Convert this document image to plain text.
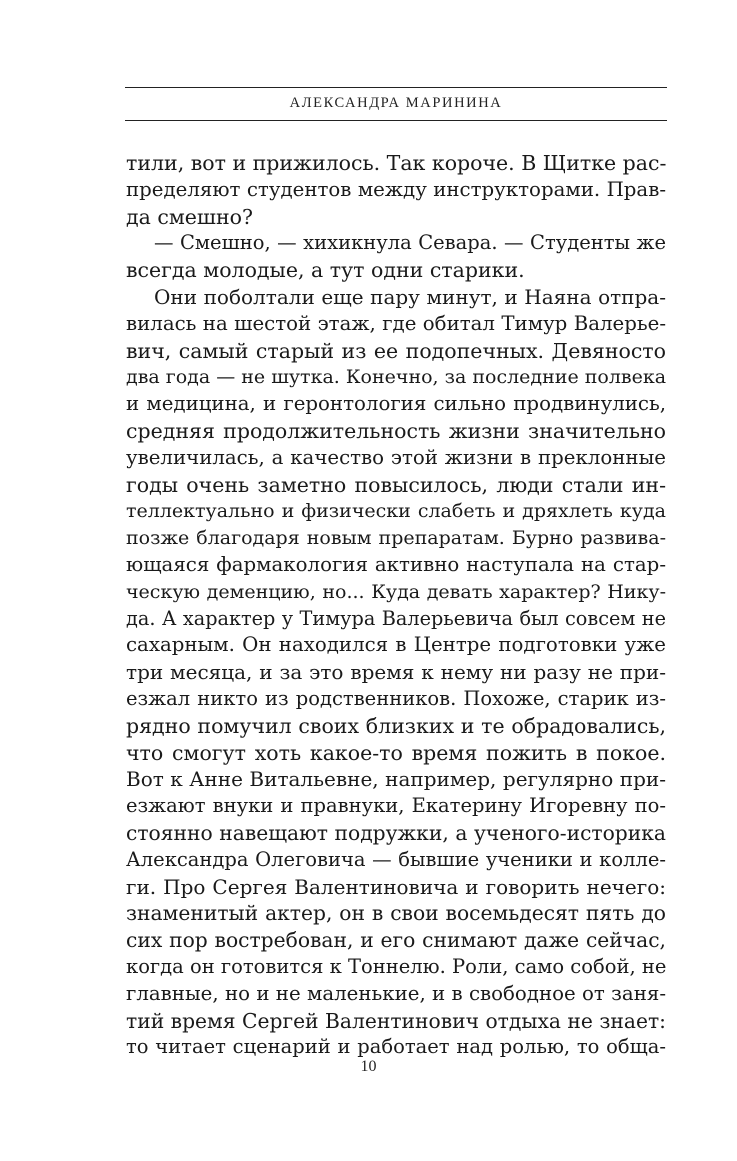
АЛЕКСАНДРА МАРИНИНА
тили, вот и прижилось. Так короче. В Щитке рас-
пределяют студентов между инструкторами. Прав-
да смешно?
— Смешно, — хихикнула Севара. — Студенты же
всегда молодые, а тут одни старики.
Они поболтали еще пару минут, и Наяна отпра-
вилась на шестой этаж, где обитал Тимур Валерье-
вич, самый старый из ее подопечных. Девяносто
два года — не шутка. Конечно, за последние полвека
и медицина, и геронтология сильно продвинулись,
средняя продолжительность жизни значительно
увеличилась, а качество этой жизни в преклонные
годы очень заметно повысилось, люди стали ин-
теллектуально и физически слабеть и дряхлеть куда
позже благодаря новым препаратам. Бурно развива-
ющаяся фармакология активно наступала на стар-
ческую деменцию, но... Куда девать характер? Нику-
да. А характер у Тимура Валерьевича был совсем не
сахарным. Он находился в Центре подготовки уже
три месяца, и за это время к нему ни разу не при-
езжал никто из родственников. Похоже, старик из-
рядно помучил своих близких и те обрадовались,
что смогут хоть какое-то время пожить в покое.
Вот к Анне Витальевне, например, регулярно при-
езжают внуки и правнуки, Екатерину Игоревну по-
стоянно навещают подружки, а ученого-историка
Александра Олеговича — бывшие ученики и колле-
ги. Про Сергея Валентиновича и говорить нечего:
знаменитый актер, он в свои восемьдесят пять до
сих пор востребован, и его снимают даже сейчас,
когда он готовится к Тоннелю. Роли, само собой, не
главные, но и не маленькие, и в свободное от заня-
тий время Сергей Валентинович отдыха не знает:
то читает сценарий и работает над ролью, то обща-
10
